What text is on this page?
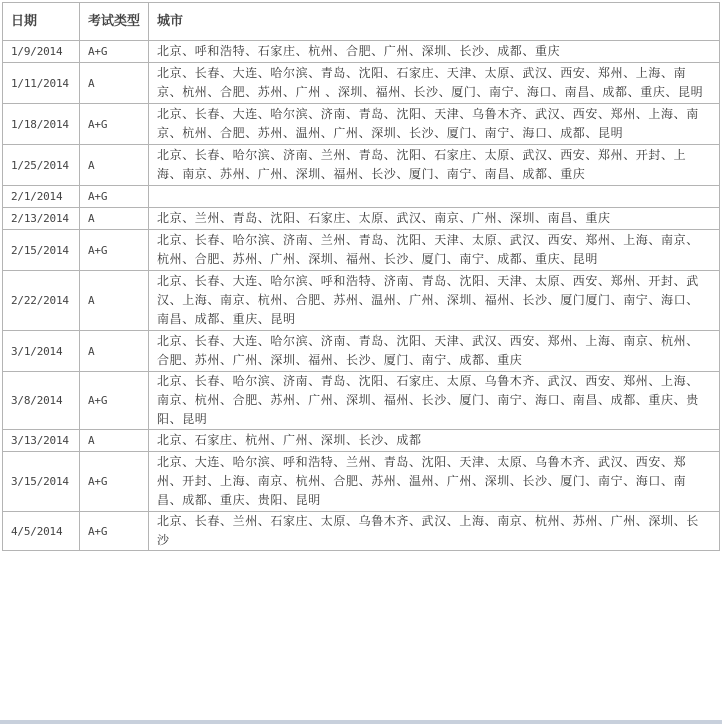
日期	考试类型	城市
1/9/2014	A+G	北京、呼和浩特、石家庄、杭州、合肥、广州、深圳、长沙、成都、重庆
1/11/2014	A	北京、长春、大连、哈尔滨、青岛、沈阳、石家庄、天津、太原、武汉、西安、郑州、上海、南京、杭州、合肥、苏州、广州 、深圳、福州、长沙、厦门、南宁、海口、南昌、成都、重庆、昆明
1/18/2014	A+G	北京、长春、大连、哈尔滨、济南、青岛、沈阳、天津、乌鲁木齐、武汉、西安、郑州、上海、南京、杭州、合肥、苏州、温州、广州、深圳、长沙、厦门、南宁、海口、成都、昆明
1/25/2014	A	北京、长春、哈尔滨、济南、兰州、青岛、沈阳、石家庄、太原、武汉、西安、郑州、开封、上海、南京、苏州、广州、深圳、福州、长沙、厦门、南宁、南昌、成都、重庆
2/1/2014	A+G	
2/13/2014	A	北京、兰州、青岛、沈阳、石家庄、太原、武汉、南京、广州、深圳、南昌、重庆
2/15/2014	A+G	北京、长春、哈尔滨、济南、兰州、青岛、沈阳、天津、太原、武汉、西安、郑州、上海、南京、杭州、合肥、苏州、广州、深圳、福州、长沙、厦门、南宁、成都、重庆、昆明
2/22/2014	A	北京、长春、大连、哈尔滨、呼和浩特、济南、青岛、沈阳、天津、太原、西安、郑州、开封、武汉、上海、南京、杭州、合肥、苏州、温州、广州、深圳、福州、长沙、厦门厦门、南宁、海口、南昌、成都、重庆、昆明
3/1/2014	A	北京、长春、大连、哈尔滨、济南、青岛、沈阳、天津、武汉、西安、郑州、上海、南京、杭州、合肥、苏州、广州、深圳、福州、长沙、厦门、南宁、成都、重庆
3/8/2014	A+G	北京、长春、哈尔滨、济南、青岛、沈阳、石家庄、太原、乌鲁木齐、武汉、西安、郑州、上海、南京、杭州、合肥、苏州、广州、深圳、福州、长沙、厦门、南宁、海口、南昌、成都、重庆、贵阳、昆明
3/13/2014	A	北京、石家庄、杭州、广州、深圳、长沙、成都
3/15/2014	A+G	北京、大连、哈尔滨、呼和浩特、兰州、青岛、沈阳、天津、太原、乌鲁木齐、武汉、西安、郑州、开封、上海、南京、杭州、合肥、苏州、温州、广州、深圳、长沙、厦门、南宁、海口、南昌、成都、重庆、贵阳、昆明
4/5/2014	A+G	北京、长春、兰州、石家庄、太原、乌鲁木齐、武汉、上海、南京、杭州、苏州、广州、深圳、长沙
